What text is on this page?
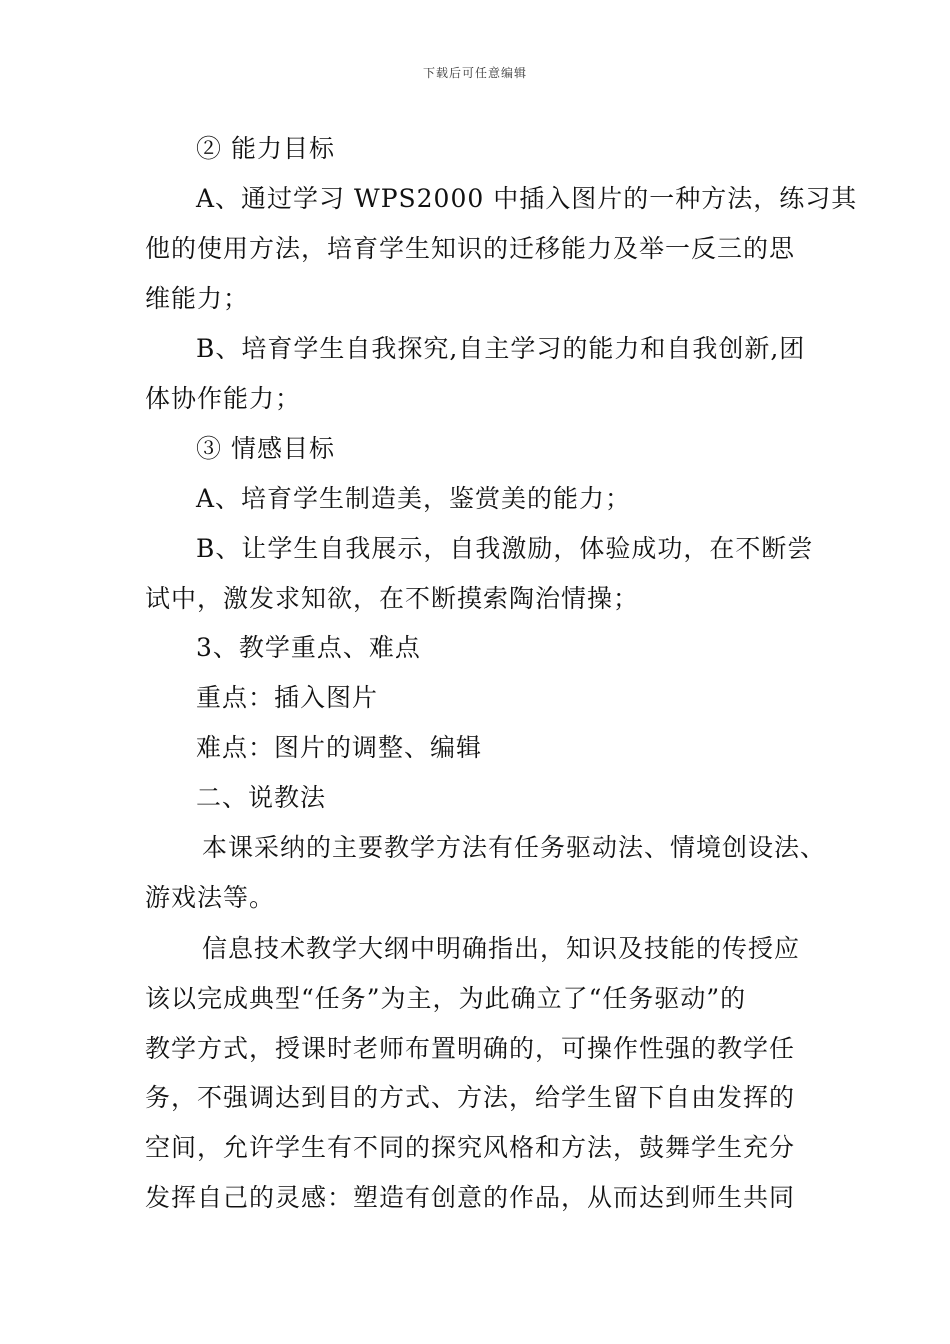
下载后可任意编辑
② 能力目标
A、通过学习 WPS2000 中插入图片的一种方法，练习其
他的使用方法，培育学生知识的迁移能力及举一反三的思
维能力；
B、培育学生自我探究,自主学习的能力和自我创新,团
体协作能力；
③ 情感目标
A、培育学生制造美，鉴赏美的能力；
B、让学生自我展示，自我激励，体验成功，在不断尝
试中，激发求知欲，在不断摸索陶治情操；
3、教学重点、难点
重点：插入图片
难点：图片的调整、编辑
二、说教法
本课采纳的主要教学方法有任务驱动法、情境创设法、
游戏法等。
信息技术教学大纲中明确指出，知识及技能的传授应
该以完成典型“任务”为主，为此确立了“任务驱动”的
教学方式，授课时老师布置明确的，可操作性强的教学任
务，不强调达到目的方式、方法，给学生留下自由发挥的
空间，允许学生有不同的探究风格和方法，鼓舞学生充分
发挥自己的灵感：塑造有创意的作品，从而达到师生共同
